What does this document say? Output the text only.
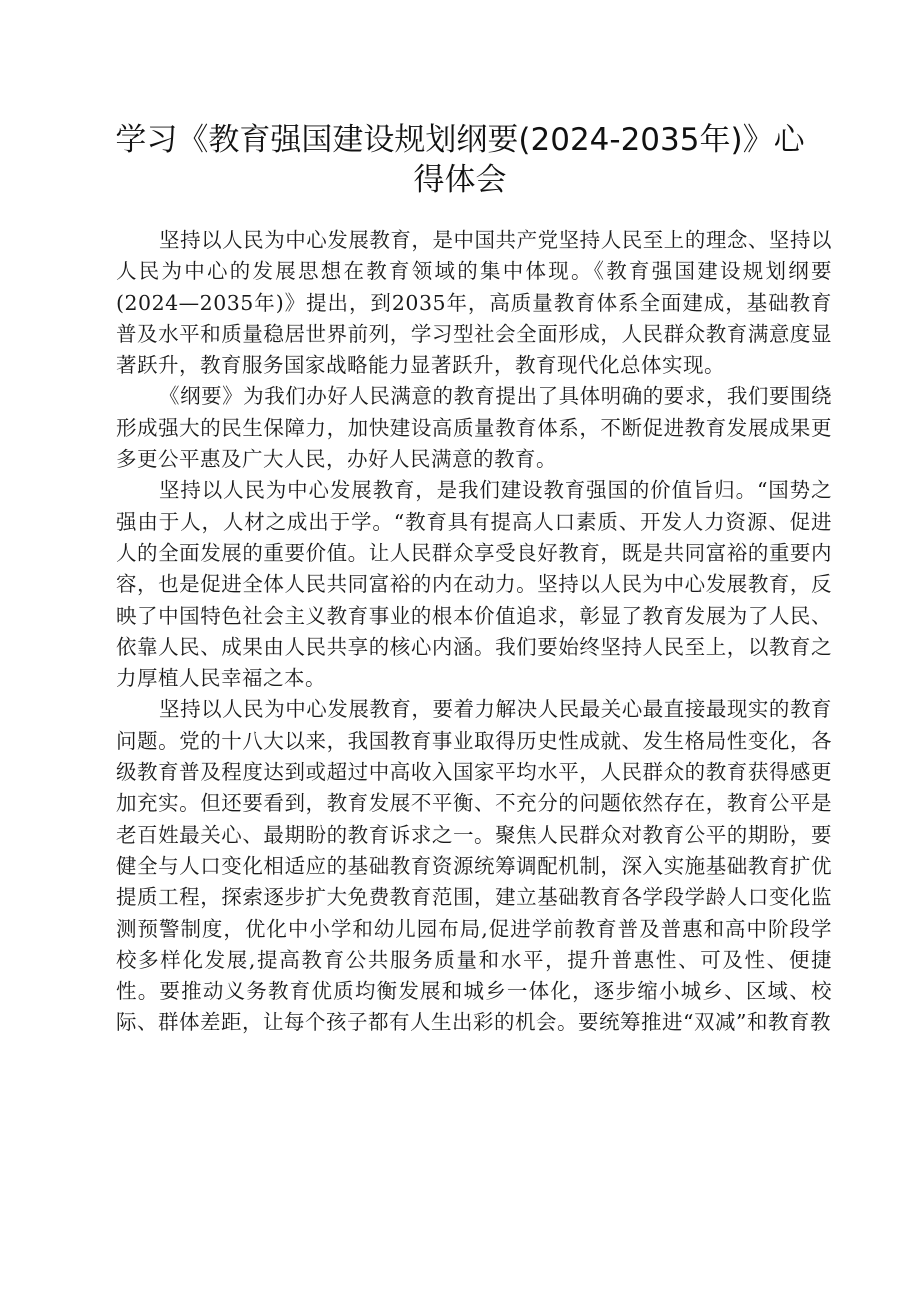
学习《教育强国建设规划纲要(2024-2035年)》心得体会

坚持以人民为中心发展教育，是中国共产党坚持人民至上的理念、坚持以人民为中心的发展思想在教育领域的集中体现。《教育强国建设规划纲要(2024—2035年)》提出，到2035年，高质量教育体系全面建成，基础教育普及水平和质量稳居世界前列，学习型社会全面形成，人民群众教育满意度显著跃升，教育服务国家战略能力显著跃升，教育现代化总体实现。

《纲要》为我们办好人民满意的教育提出了具体明确的要求，我们要围绕形成强大的民生保障力，加快建设高质量教育体系，不断促进教育发展成果更多更公平惠及广大人民，办好人民满意的教育。

坚持以人民为中心发展教育，是我们建设教育强国的价值旨归。“国势之强由于人，人材之成出于学。“教育具有提高人口素质、开发人力资源、促进人的全面发展的重要价值。让人民群众享受良好教育，既是共同富裕的重要内容，也是促进全体人民共同富裕的内在动力。坚持以人民为中心发展教育，反映了中国特色社会主义教育事业的根本价值追求，彰显了教育发展为了人民、依靠人民、成果由人民共享的核心内涵。我们要始终坚持人民至上，以教育之力厚植人民幸福之本。

坚持以人民为中心发展教育，要着力解决人民最关心最直接最现实的教育问题。党的十八大以来，我国教育事业取得历史性成就、发生格局性变化，各级教育普及程度达到或超过中高收入国家平均水平，人民群众的教育获得感更加充实。但还要看到，教育发展不平衡、不充分的问题依然存在，教育公平是老百姓最关心、最期盼的教育诉求之一。聚焦人民群众对教育公平的期盼，要健全与人口变化相适应的基础教育资源统筹调配机制，深入实施基础教育扩优提质工程，探索逐步扩大免费教育范围，建立基础教育各学段学龄人口变化监测预警制度，优化中小学和幼儿园布局,促进学前教育普及普惠和高中阶段学校多样化发展,提高教育公共服务质量和水平，提升普惠性、可及性、便捷性。要推动义务教育优质均衡发展和城乡一体化，逐步缩小城乡、区域、校际、群体差距，让每个孩子都有人生出彩的机会。要统筹推进“双减”和教育教
